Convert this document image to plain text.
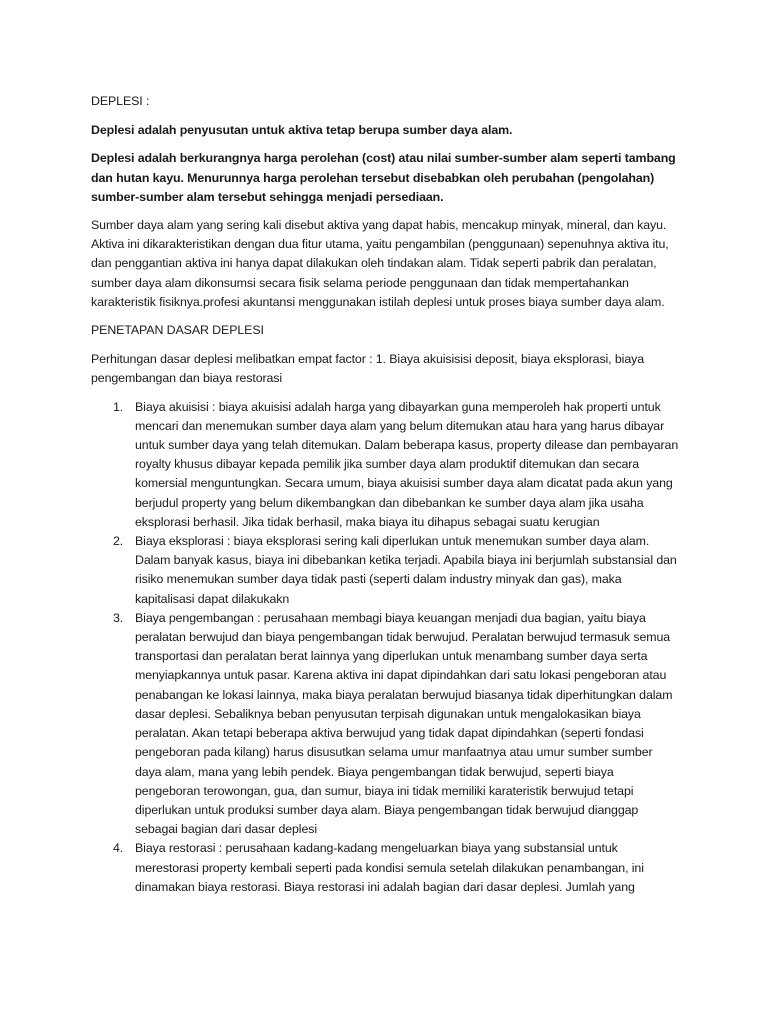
DEPLESI :

Deplesi adalah penyusutan untuk aktiva tetap berupa sumber daya alam.

Deplesi adalah berkurangnya harga perolehan (cost) atau nilai sumber-sumber alam seperti tambang dan hutan kayu. Menurunnya harga perolehan tersebut disebabkan oleh perubahan (pengolahan) sumber-sumber alam tersebut sehingga menjadi persediaan.

Sumber daya alam yang sering kali disebut aktiva yang dapat habis, mencakup minyak, mineral, dan kayu. Aktiva ini dikarakteristikan dengan dua fitur utama, yaitu pengambilan (penggunaan) sepenuhnya aktiva itu, dan penggantian aktiva ini hanya dapat dilakukan oleh tindakan alam. Tidak seperti pabrik dan peralatan, sumber daya alam dikonsumsi secara fisik selama periode penggunaan dan tidak mempertahankan karakteristik fisiknya.profesi akuntansi menggunakan istilah deplesi untuk proses biaya sumber daya alam.

PENETAPAN DASAR DEPLESI

Perhitungan dasar deplesi melibatkan empat factor : 1. Biaya akuisisisi deposit, biaya eksplorasi, biaya pengembangan dan biaya restorasi

1. Biaya akuisisi : biaya akuisisi adalah harga yang dibayarkan guna memperoleh hak properti untuk mencari dan menemukan sumber daya alam yang belum ditemukan atau hara yang harus dibayar untuk sumber daya yang telah ditemukan. Dalam beberapa kasus, property dilease dan pembayaran royalty khusus dibayar kepada pemilik jika sumber daya alam produktif ditemukan dan secara komersial menguntungkan. Secara umum, biaya akuisisi sumber daya alam dicatat pada akun yang berjudul property yang belum dikembangkan dan dibebankan ke sumber daya alam jika usaha eksplorasi berhasil. Jika tidak berhasil, maka biaya itu dihapus sebagai suatu kerugian
2. Biaya eksplorasi : biaya eksplorasi sering kali diperlukan untuk menemukan sumber daya alam. Dalam banyak kasus, biaya ini dibebankan ketika terjadi. Apabila biaya ini berjumlah substansial dan risiko menemukan sumber daya tidak pasti (seperti dalam industry minyak dan gas), maka kapitalisasi dapat dilakukakn
3. Biaya pengembangan : perusahaan membagi biaya keuangan menjadi dua bagian, yaitu biaya peralatan berwujud dan biaya pengembangan tidak berwujud. Peralatan berwujud termasuk semua transportasi dan peralatan berat lainnya yang diperlukan untuk menambang sumber daya serta menyiapkannya untuk pasar. Karena aktiva ini dapat dipindahkan dari satu lokasi pengeboran atau penabangan ke lokasi lainnya, maka biaya peralatan berwujud biasanya tidak diperhitungkan dalam dasar deplesi. Sebaliknya beban penyusutan terpisah digunakan untuk mengalokasikan biaya peralatan. Akan tetapi beberapa aktiva berwujud yang tidak dapat dipindahkan (seperti fondasi pengeboran pada kilang) harus disusutkan selama umur manfaatnya atau umur sumber sumber daya alam, mana yang lebih pendek. Biaya pengembangan tidak berwujud, seperti biaya pengeboran terowongan, gua, dan sumur, biaya ini tidak memiliki karateristik berwujud tetapi diperlukan untuk produksi sumber daya alam. Biaya pengembangan tidak berwujud dianggap sebagai bagian dari dasar deplesi
4. Biaya restorasi : perusahaan kadang-kadang mengeluarkan biaya yang substansial untuk merestorasi property kembali seperti pada kondisi semula setelah dilakukan penambangan, ini dinamakan biaya restorasi. Biaya restorasi ini adalah bagian dari dasar deplesi. Jumlah yang
